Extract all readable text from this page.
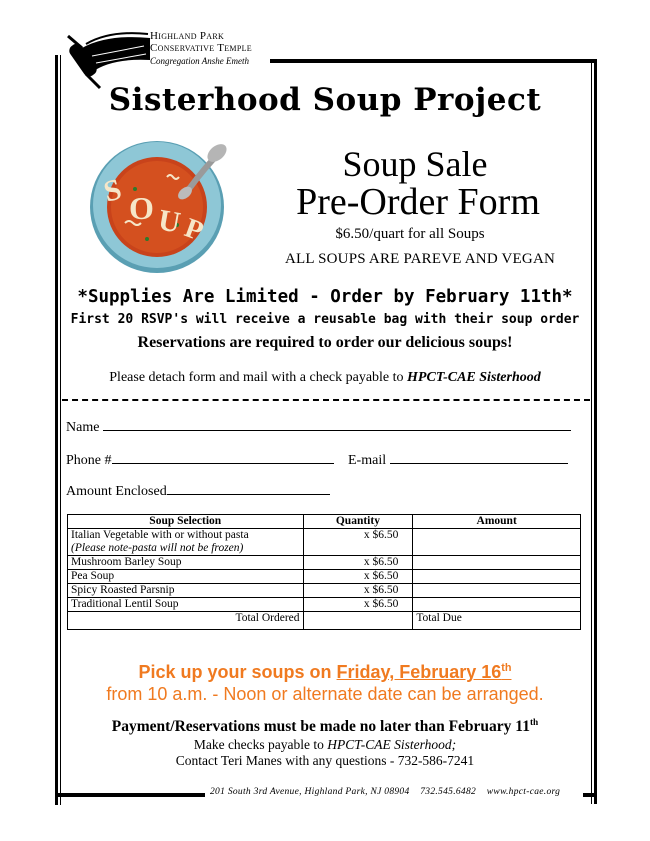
Highland Park
Conservative Temple
Congregation Anshe Emeth
Sisterhood Soup Project
S O U
P
Soup Sale
Pre-Order Form
$6.50/quart for all Soups
ALL SOUPS ARE PAREVE AND VEGAN
*Supplies Are Limited - Order by February 11th*
First 20 RSVP's will receive a reusable bag with their soup order
Reservations are required to order our delicious soups!
Please detach form and mail with a check payable to HPCT-CAE Sisterhood
Name
Phone #	E-mail
Amount Enclosed
Soup Selection	Quantity	Amount

Italian Vegetable with or without pasta
(Please note-pasta will not be frozen)	x $6.50	
Mushroom Barley Soup	x $6.50	
Pea Soup	x $6.50	
Spicy Roasted Parsnip	x $6.50	
Traditional Lentil Soup	x $6.50	
Total Ordered		Total Due
Pick up your soups on Friday, February 16th
from 10 a.m. - Noon or alternate date can be arranged.
Payment/Reservations must be made no later than February 11th
Make checks payable to HPCT-CAE Sisterhood;
Contact Teri Manes with any questions - 732-586-7241
201 South 3rd Avenue, Highland Park, NJ 08904 732.545.6482 www.hpct-cae.org
